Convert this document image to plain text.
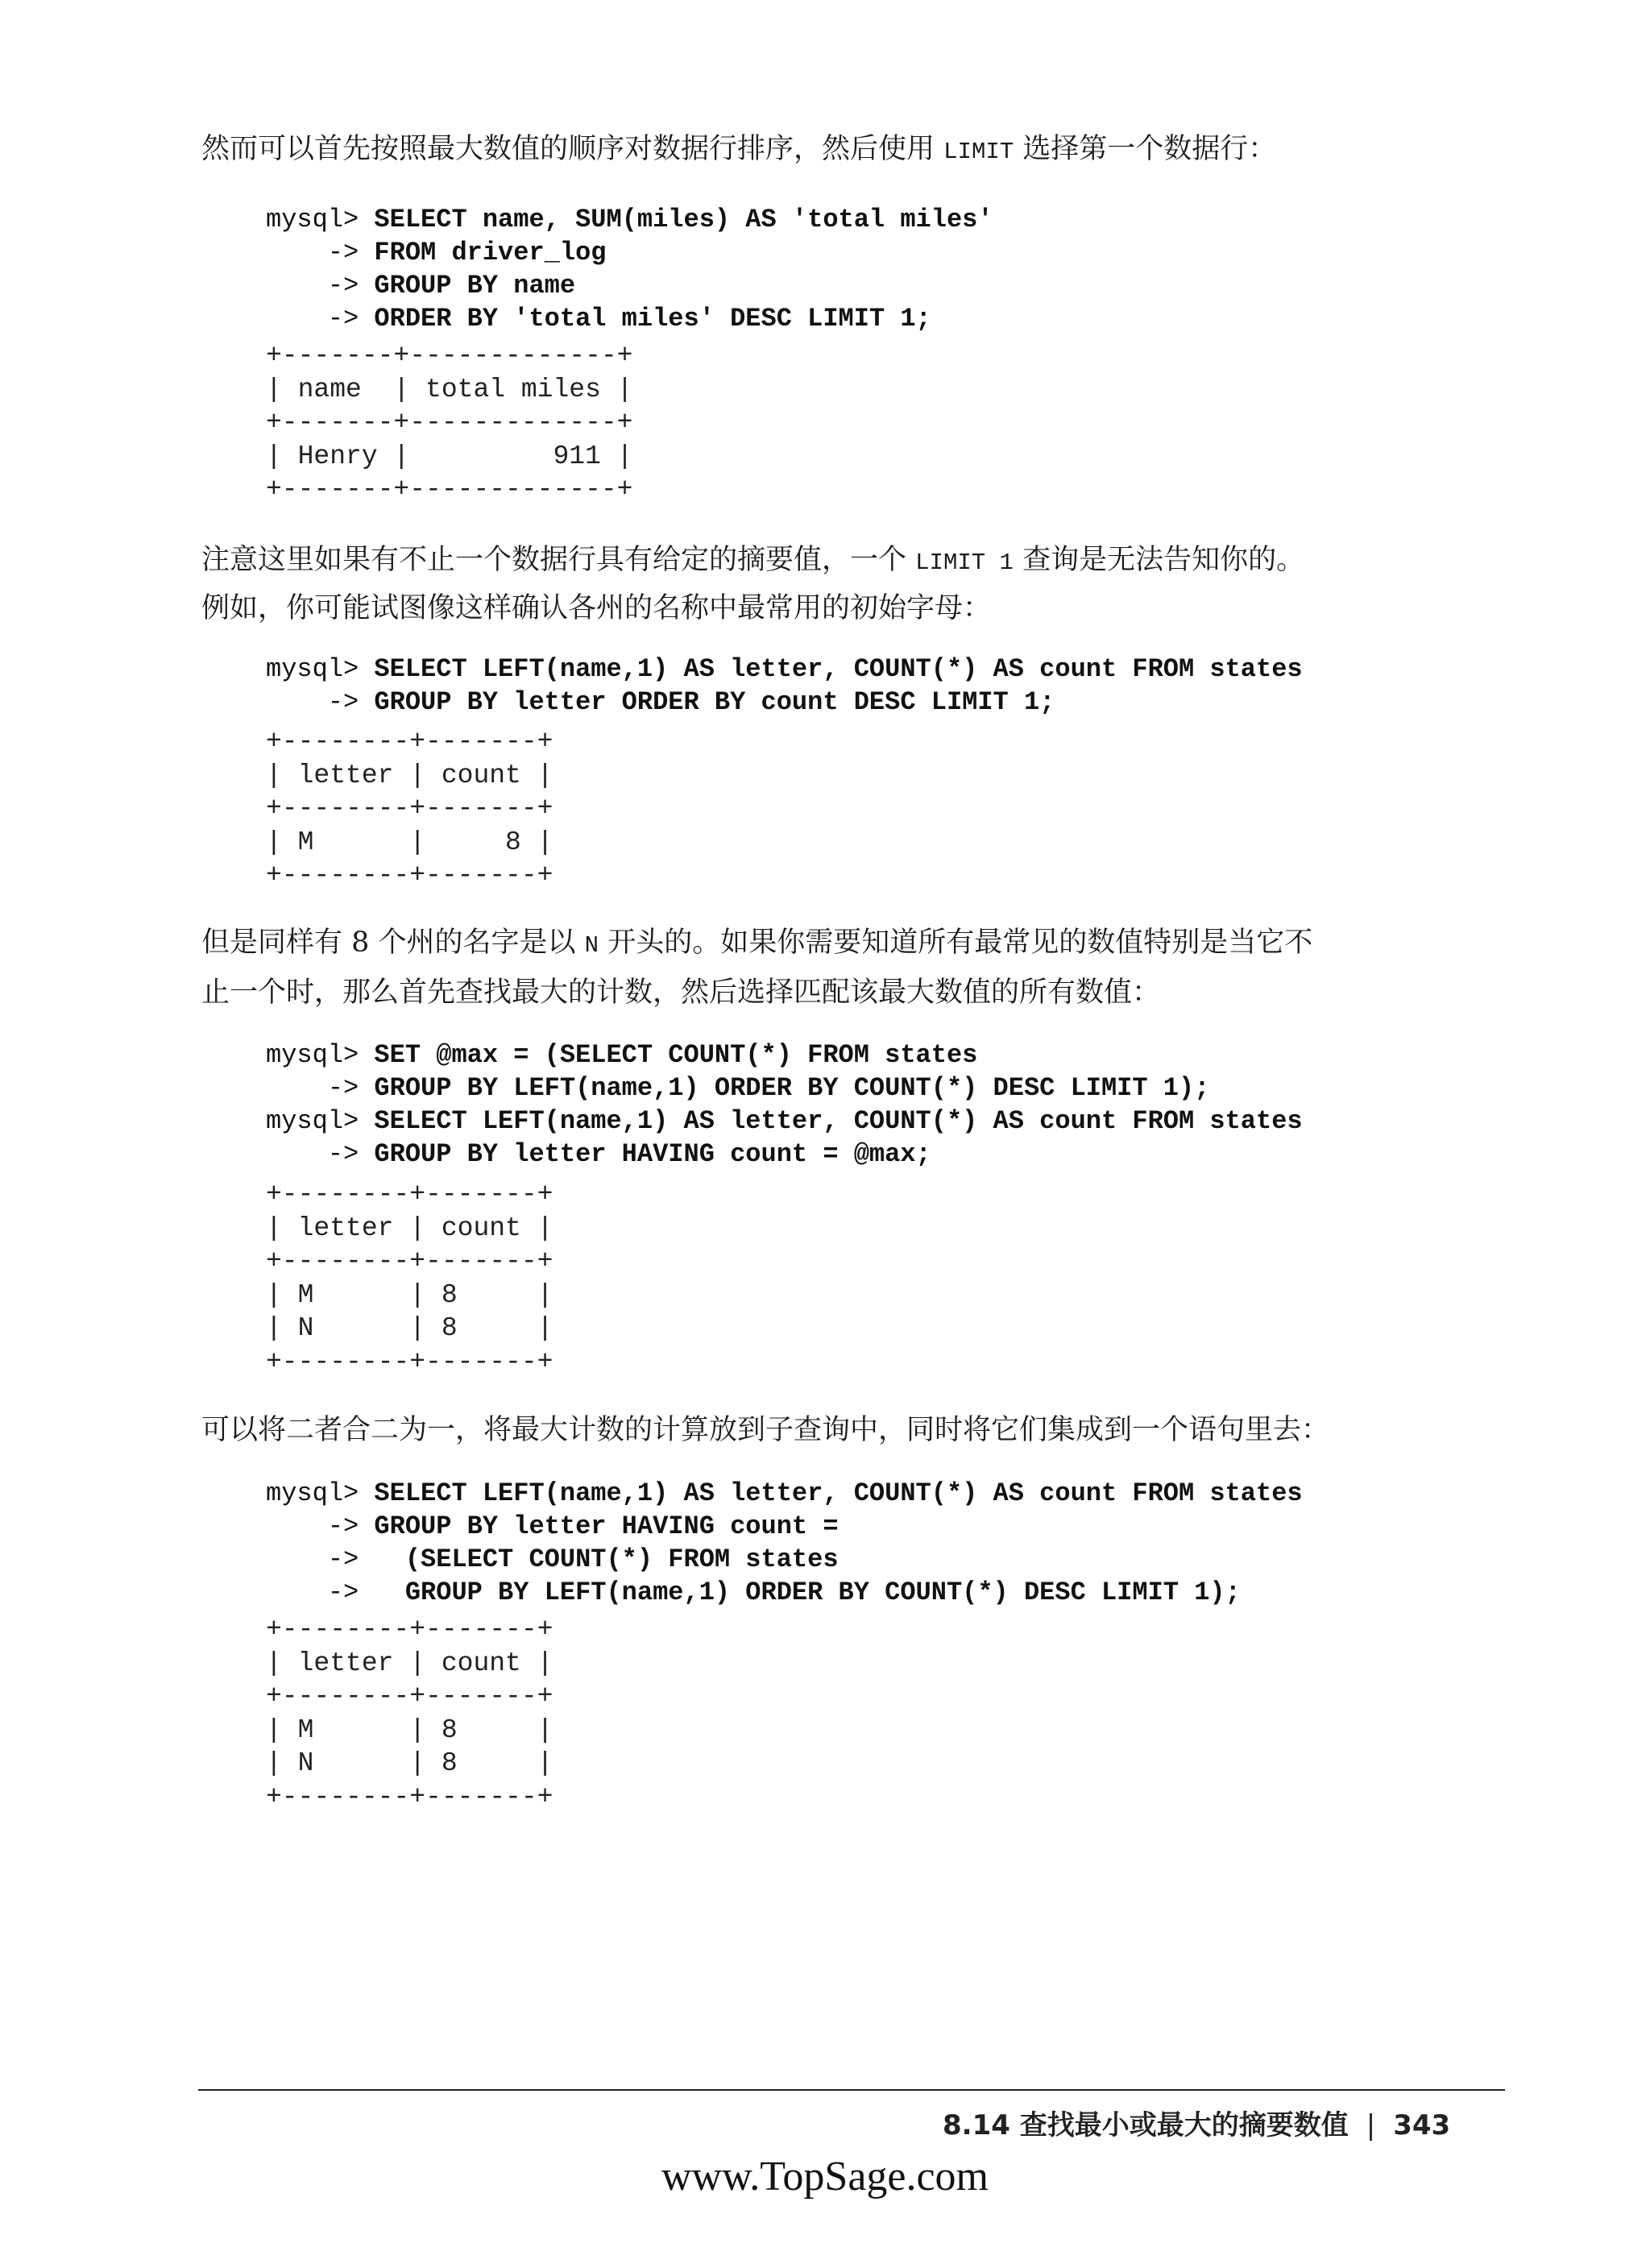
然而可以首先按照最大数值的顺序对数据行排序，然后使用 LIMIT 选择第一个数据行：

mysql> SELECT name, SUM(miles) AS 'total miles'
-> FROM driver_log
-> GROUP BY name
-> ORDER BY 'total miles' DESC LIMIT 1;
+-------+-------------+
| name  | total miles |
+-------+-------------+
| Henry |         911 |
+-------+-------------+

注意这里如果有不止一个数据行具有给定的摘要值，一个 LIMIT 1 查询是无法告知你的。

例如，你可能试图像这样确认各州的名称中最常用的初始字母：

mysql> SELECT LEFT(name,1) AS letter, COUNT(*) AS count FROM states
-> GROUP BY letter ORDER BY count DESC LIMIT 1;
+--------+-------+
| letter | count |
+--------+-------+
| M      |     8 |
+--------+-------+

但是同样有 8 个州的名字是以 N 开头的。如果你需要知道所有最常见的数值特别是当它不

止一个时，那么首先查找最大的计数，然后选择匹配该最大数值的所有数值：

mysql> SET @max = (SELECT COUNT(*) FROM states
-> GROUP BY LEFT(name,1) ORDER BY COUNT(*) DESC LIMIT 1);
mysql> SELECT LEFT(name,1) AS letter, COUNT(*) AS count FROM states
-> GROUP BY letter HAVING count = @max;
+--------+-------+
| letter | count |
+--------+-------+
| M      | 8     |
| N      | 8     |
+--------+-------+

可以将二者合二为一，将最大计数的计算放到子查询中，同时将它们集成到一个语句里去：

mysql> SELECT LEFT(name,1) AS letter, COUNT(*) AS count FROM states
-> GROUP BY letter HAVING count =
->   (SELECT COUNT(*) FROM states
->   GROUP BY LEFT(name,1) ORDER BY COUNT(*) DESC LIMIT 1);
+--------+-------+
| letter | count |
+--------+-------+
| M      | 8     |
| N      | 8     |
+--------+-------+
8.14 查找最小或最大的摘要数值 | 343
www.TopSage.com
